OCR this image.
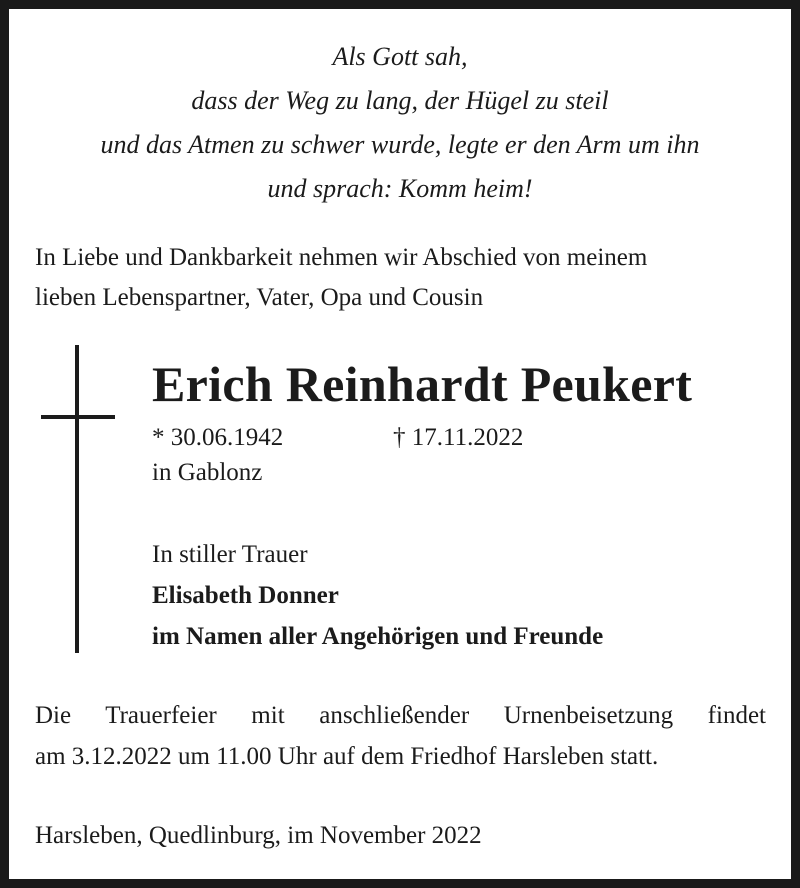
Als Gott sah,
dass der Weg zu lang, der Hügel zu steil
und das Atmen zu schwer wurde, legte er den Arm um ihn
und sprach: Komm heim!
In Liebe und Dankbarkeit nehmen wir Abschied von meinem
lieben Lebenspartner, Vater, Opa und Cousin
Erich Reinhardt Peukert
* 30.06.1942	† 17.11.2022
in Gablonz
In stiller Trauer
Elisabeth Donner
im Namen aller Angehörigen und Freunde
Die Trauerfeier mit anschließender Urnenbeisetzung findet
am 3.12.2022 um 11.00 Uhr auf dem Friedhof Harsleben statt.
Harsleben, Quedlinburg, im November 2022
